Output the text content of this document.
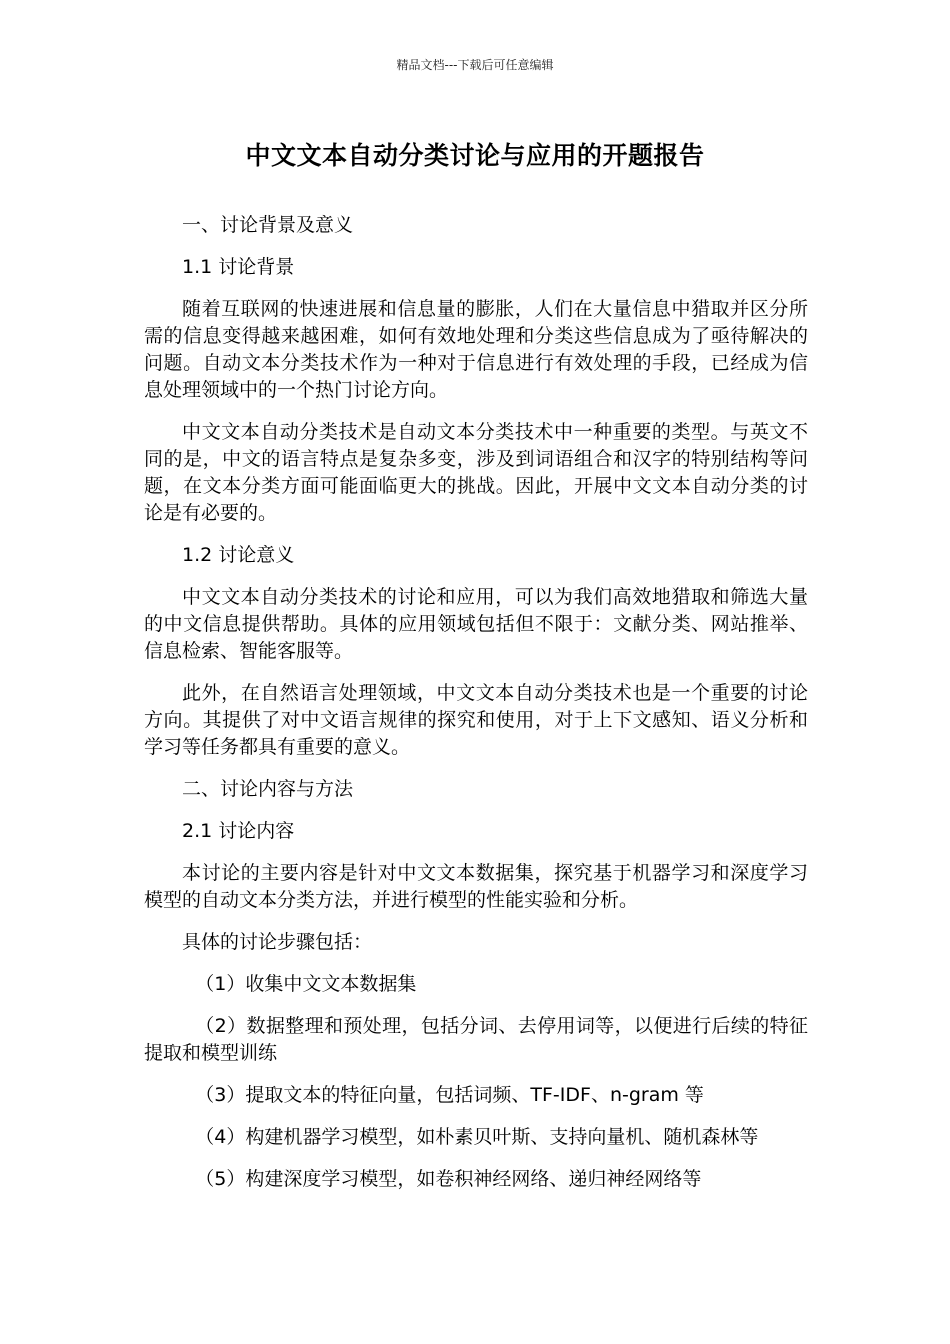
精品文档---下载后可任意编辑
中文文本自动分类讨论与应用的开题报告

一、讨论背景及意义

1.1 讨论背景

随着互联网的快速进展和信息量的膨胀，人们在大量信息中猎取并区分所需的信息变得越来越困难，如何有效地处理和分类这些信息成为了亟待解决的问题。自动文本分类技术作为一种对于信息进行有效处理的手段，已经成为信息处理领域中的一个热门讨论方向。

中文文本自动分类技术是自动文本分类技术中一种重要的类型。与英文不同的是，中文的语言特点是复杂多变，涉及到词语组合和汉字的特别结构等问题，在文本分类方面可能面临更大的挑战。因此，开展中文文本自动分类的讨论是有必要的。

1.2 讨论意义

中文文本自动分类技术的讨论和应用，可以为我们高效地猎取和筛选大量的中文信息提供帮助。具体的应用领域包括但不限于：文献分类、网站推举、信息检索、智能客服等。

此外，在自然语言处理领域，中文文本自动分类技术也是一个重要的讨论方向。其提供了对中文语言规律的探究和使用，对于上下文感知、语义分析和学习等任务都具有重要的意义。

二、讨论内容与方法

2.1 讨论内容

本讨论的主要内容是针对中文文本数据集，探究基于机器学习和深度学习模型的自动文本分类方法，并进行模型的性能实验和分析。

具体的讨论步骤包括：

（1）收集中文文本数据集

（2）数据整理和预处理，包括分词、去停用词等，以便进行后续的特征提取和模型训练

（3）提取文本的特征向量，包括词频、TF-IDF、n-gram 等

（4）构建机器学习模型，如朴素贝叶斯、支持向量机、随机森林等

（5）构建深度学习模型，如卷积神经网络、递归神经网络等
